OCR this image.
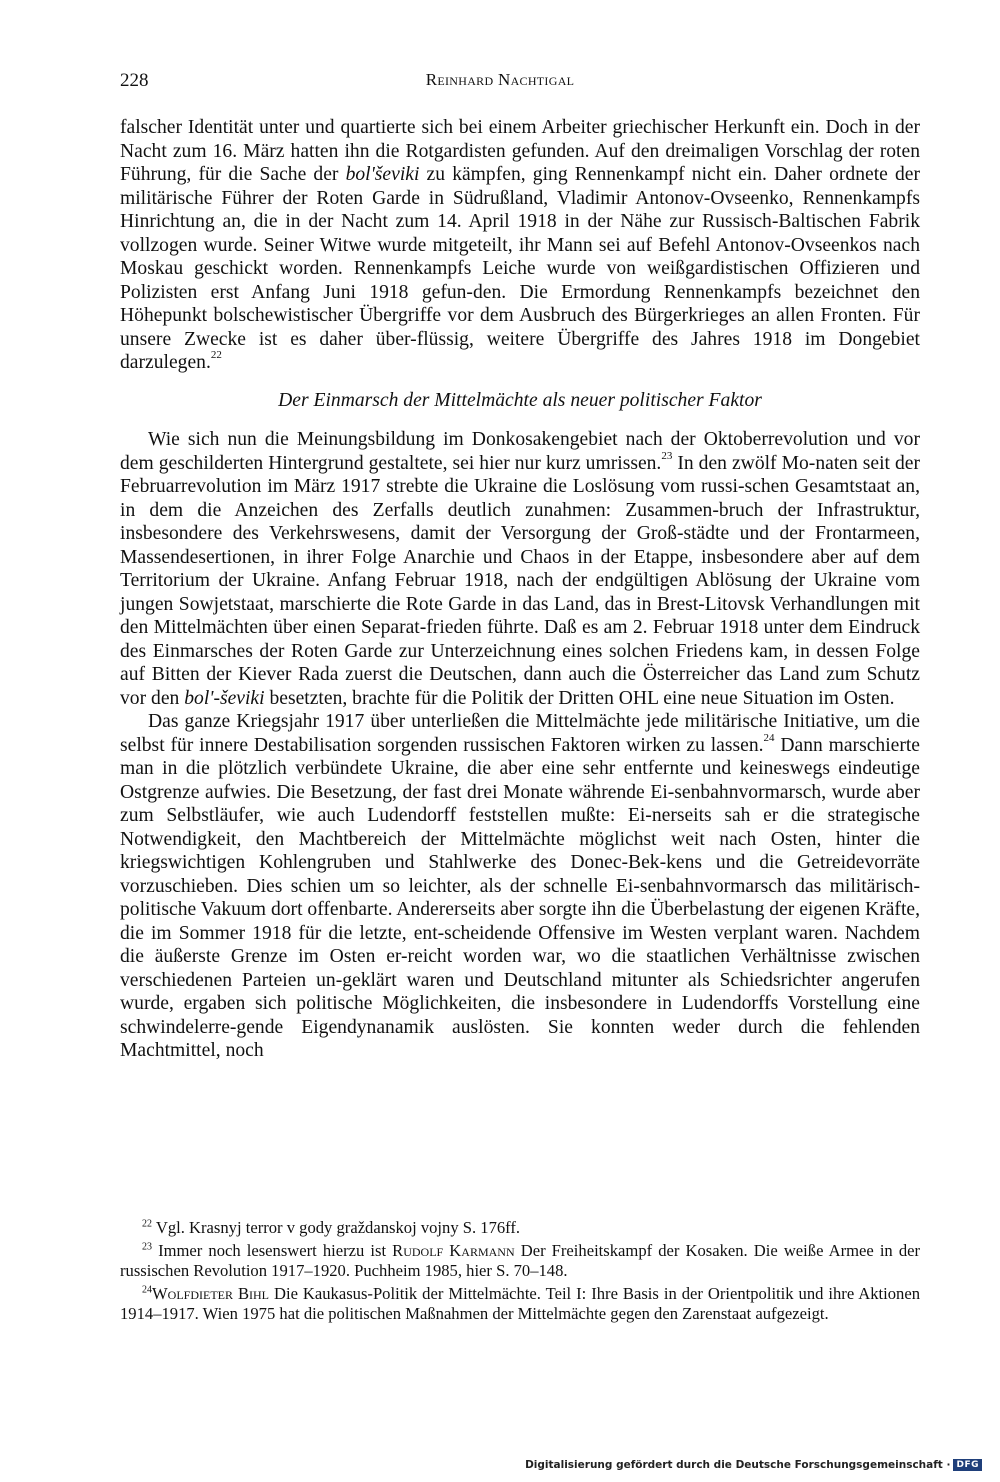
228	Reinhard Nachtigal

falscher Identität unter und quartierte sich bei einem Arbeiter griechischer Herkunft ein. Doch in der Nacht zum 16. März hatten ihn die Rotgardisten gefunden. Auf den dreimaligen Vorschlag der roten Führung, für die Sache der bol'ševiki zu kämpfen, ging Rennenkampf nicht ein. Daher ordnete der militärische Führer der Roten Garde in Südrußland, Vladimir Antonov-Ovseenko, Rennenkampfs Hinrichtung an, die in der Nacht zum 14. April 1918 in der Nähe zur Russisch-Baltischen Fabrik vollzogen wurde. Seiner Witwe wurde mitgeteilt, ihr Mann sei auf Befehl Antonov-Ovseenkos nach Moskau geschickt worden. Rennenkampfs Leiche wurde von weißgardistischen Offizieren und Polizisten erst Anfang Juni 1918 gefun-den. Die Ermordung Rennenkampfs bezeichnet den Höhepunkt bolschewistischer Übergriffe vor dem Ausbruch des Bürgerkrieges an allen Fronten. Für unsere Zwecke ist es daher über-flüssig, weitere Übergriffe des Jahres 1918 im Dongebiet darzulegen.$^{22}$

Der Einmarsch der Mittelmächte als neuer politischer Faktor

Wie sich nun die Meinungsbildung im Donkosakengebiet nach der Oktoberrevolution und vor dem geschilderten Hintergrund gestaltete, sei hier nur kurz umrissen.$^{23}$ In den zwölf Mo-naten seit der Februarrevolution im März 1917 strebte die Ukraine die Loslösung vom russi-schen Gesamtstaat an, in dem die Anzeichen des Zerfalls deutlich zunahmen: Zusammen-bruch der Infrastruktur, insbesondere des Verkehrswesens, damit der Versorgung der Groß-städte und der Frontarmeen, Massendesertionen, in ihrer Folge Anarchie und Chaos in der Etappe, insbesondere aber auf dem Territorium der Ukraine. Anfang Februar 1918, nach der endgültigen Ablösung der Ukraine vom jungen Sowjetstaat, marschierte die Rote Garde in das Land, das in Brest-Litovsk Verhandlungen mit den Mittelmächten über einen Separat-frieden führte. Daß es am 2. Februar 1918 unter dem Eindruck des Einmarsches der Roten Garde zur Unterzeichnung eines solchen Friedens kam, in dessen Folge auf Bitten der Kiever Rada zuerst die Deutschen, dann auch die Österreicher das Land zum Schutz vor den bol'-ševiki besetzten, brachte für die Politik der Dritten OHL eine neue Situation im Osten.

Das ganze Kriegsjahr 1917 über unterließen die Mittelmächte jede militärische Initiative, um die selbst für innere Destabilisation sorgenden russischen Faktoren wirken zu lassen.$^{24}$ Dann marschierte man in die plötzlich verbündete Ukraine, die aber eine sehr entfernte und keineswegs eindeutige Ostgrenze aufwies. Die Besetzung, der fast drei Monate währende Ei-senbahnvormarsch, wurde aber zum Selbstläufer, wie auch Ludendorff feststellen mußte: Ei-nerseits sah er die strategische Notwendigkeit, den Machtbereich der Mittelmächte möglichst weit nach Osten, hinter die kriegswichtigen Kohlengruben und Stahlwerke des Donec-Bek-kens und die Getreidevorräte vorzuschieben. Dies schien um so leichter, als der schnelle Ei-senbahnvormarsch das militärisch-politische Vakuum dort offenbarte. Andererseits aber sorgte ihn die Überbelastung der eigenen Kräfte, die im Sommer 1918 für die letzte, ent-scheidende Offensive im Westen verplant waren. Nachdem die äußerste Grenze im Osten er-reicht worden war, wo die staatlichen Verhältnisse zwischen verschiedenen Parteien un-geklärt waren und Deutschland mitunter als Schiedsrichter angerufen wurde, ergaben sich politische Möglichkeiten, die insbesondere in Ludendorffs Vorstellung eine schwindelerre-gende Eigendynanamik auslösten. Sie konnten weder durch die fehlenden Machtmittel, noch

$^{22}$ Vgl. Krasnyj terror v gody graždanskoj vojny S. 176ff.

$^{23}$ Immer noch lesenswert hierzu ist Rudolf Karmann Der Freiheitskampf der Kosaken. Die weiße Armee in der russischen Revolution 1917–1920. Puchheim 1985, hier S. 70–148.

$^{24}$Wolfdieter Bihl Die Kaukasus-Politik der Mittelmächte. Teil I: Ihre Basis in der Orientpolitik und ihre Aktionen 1914–1917. Wien 1975 hat die politischen Maßnahmen der Mittelmächte gegen den Zarenstaat aufgezeigt.

Digitalisierung gefördert durch die Deutsche Forschungsgemeinschaft · DFG
